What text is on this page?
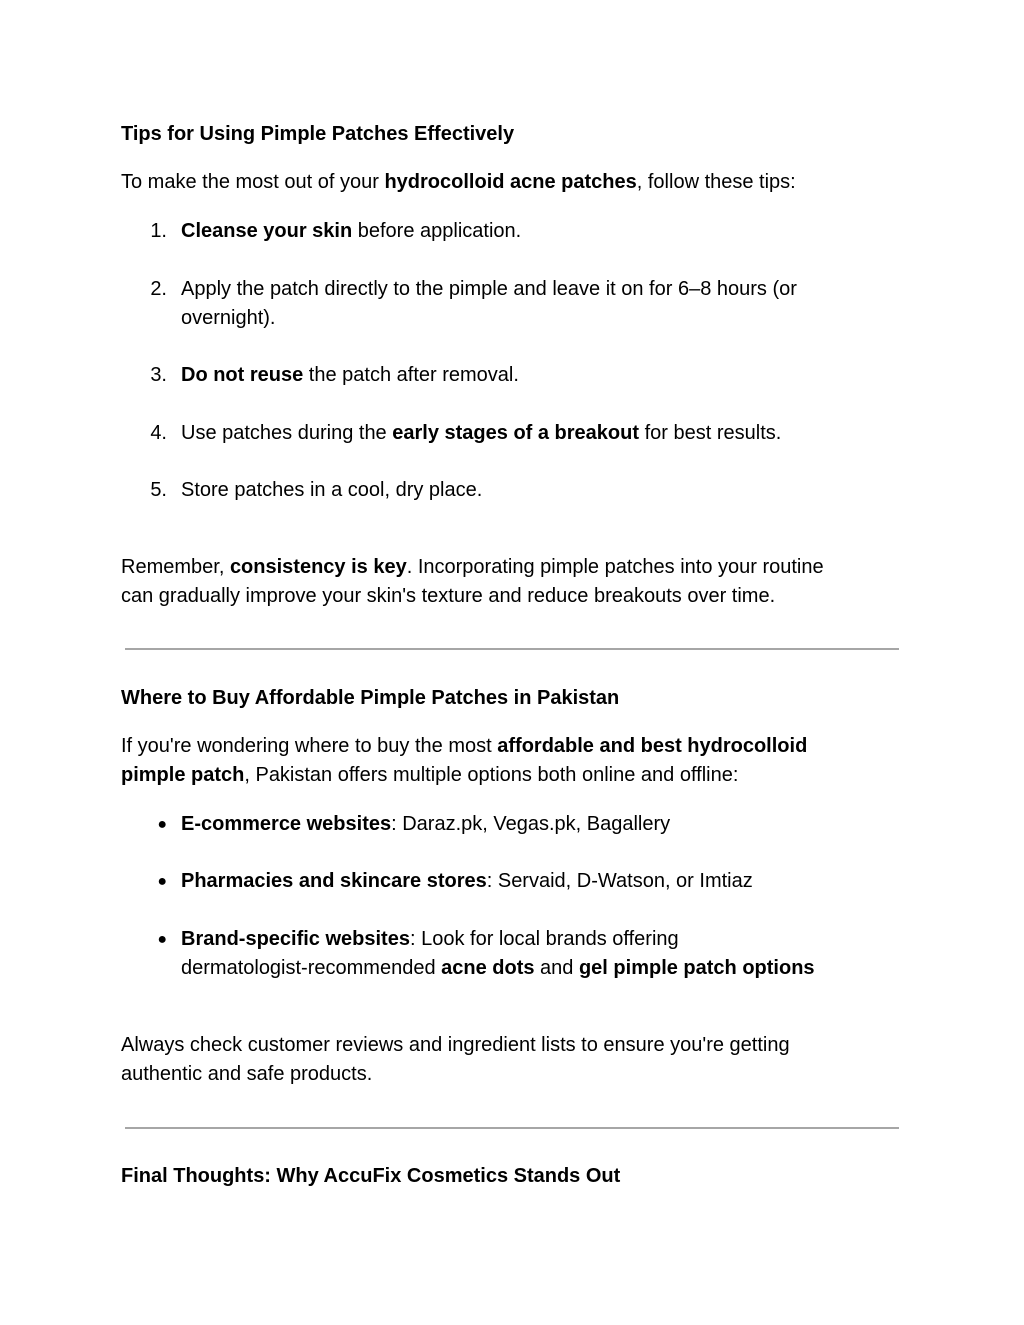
Tips for Using Pimple Patches Effectively

To make the most out of your hydrocolloid acne patches, follow these tips:

1. Cleanse your skin before application.

2. Apply the patch directly to the pimple and leave it on for 6–8 hours (or
overnight).

3. Do not reuse the patch after removal.

4. Use patches during the early stages of a breakout for best results.

5. Store patches in a cool, dry place.

Remember, consistency is key. Incorporating pimple patches into your routine
can gradually improve your skin's texture and reduce breakouts over time.

Where to Buy Affordable Pimple Patches in Pakistan

If you're wondering where to buy the most affordable and best hydrocolloid
pimple patch, Pakistan offers multiple options both online and offline:

● E-commerce websites: Daraz.pk, Vegas.pk, Bagallery

● Pharmacies and skincare stores: Servaid, D-Watson, or Imtiaz

● Brand-specific websites: Look for local brands offering
dermatologist-recommended acne dots and gel pimple patch options

Always check customer reviews and ingredient lists to ensure you're getting
authentic and safe products.

Final Thoughts: Why AccuFix Cosmetics Stands Out
